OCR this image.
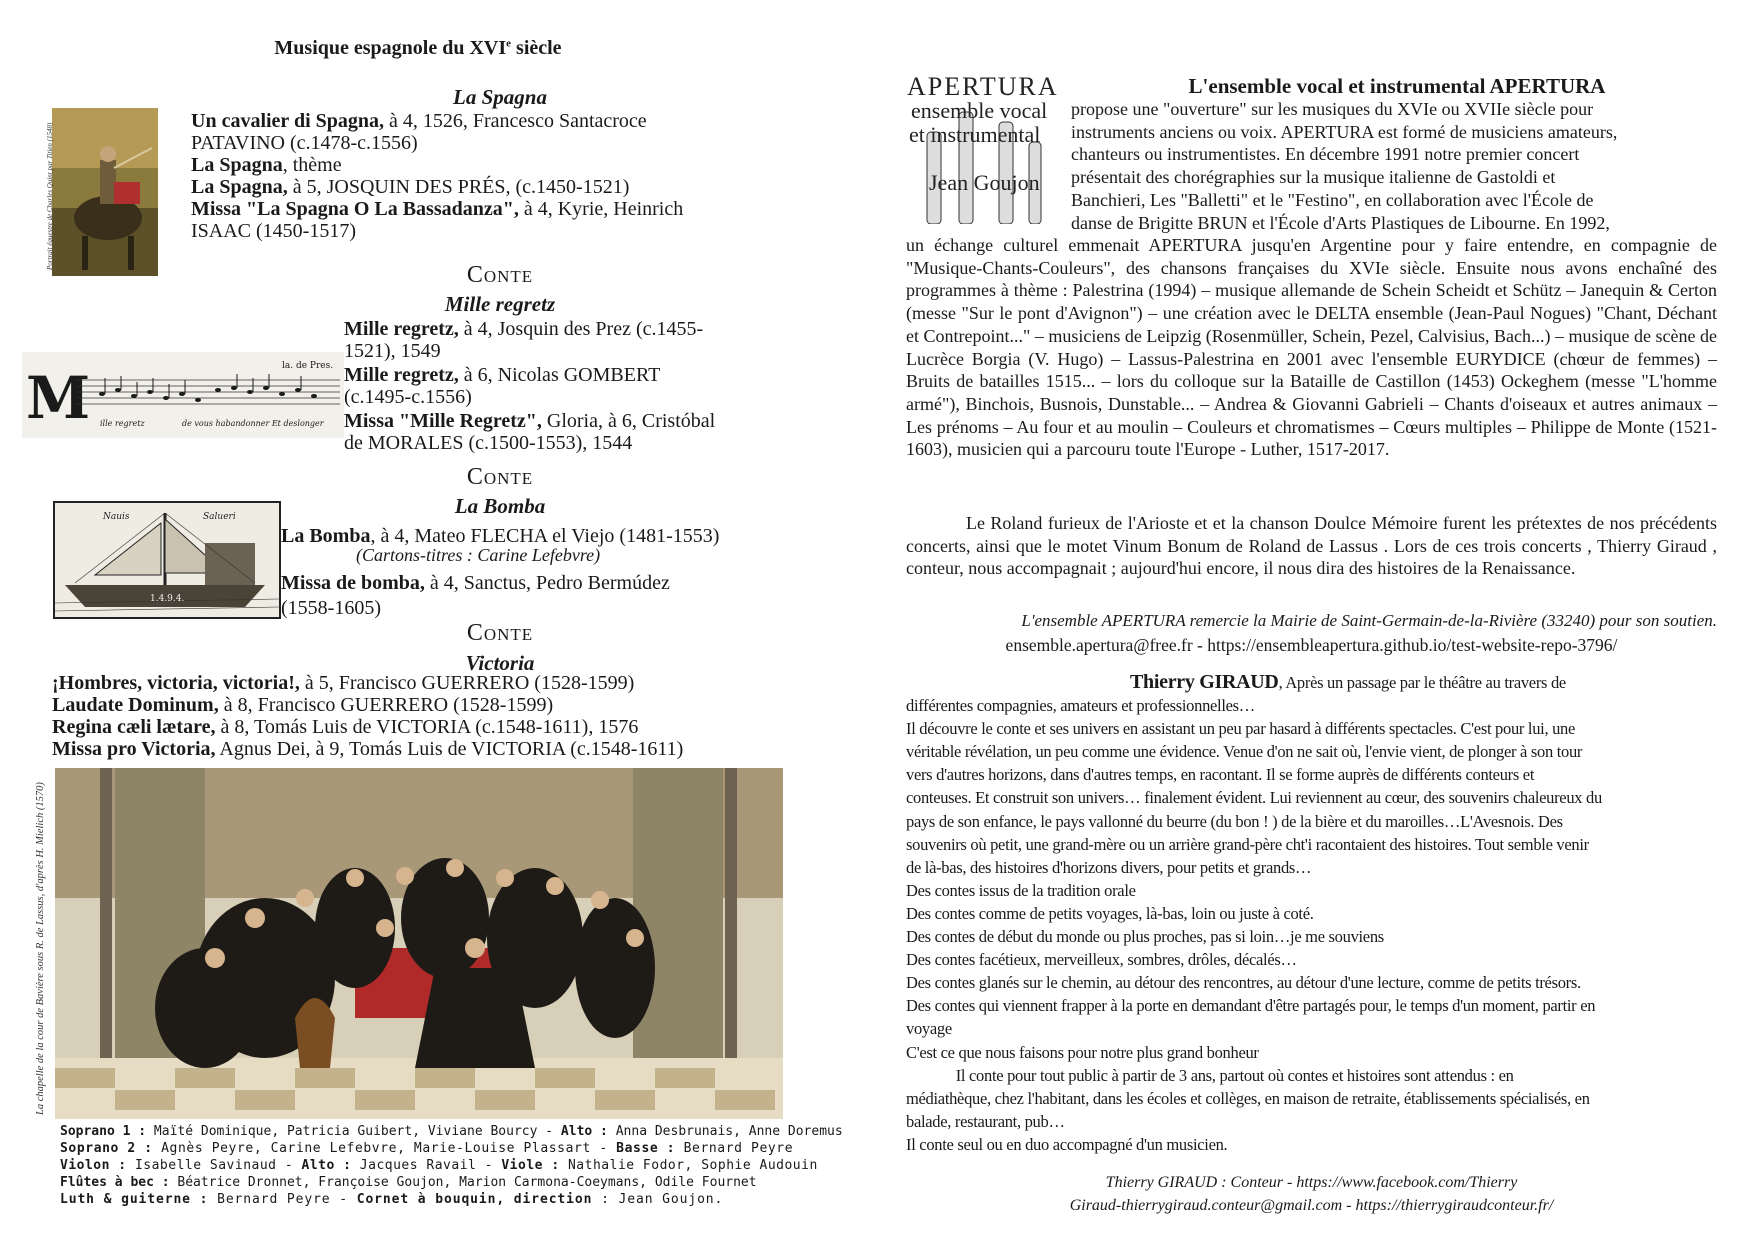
Musique espagnole du XVIe siècle
La Spagna
Portrait équestre de Charles Quint par Titien (1548)
Un cavalier di Spagna, à 4, 1526, Francesco Santacroce
PATAVINO (c.1478-c.1556)
La Spagna, thème
La Spagna, à 5, JOSQUIN DES PRÉS, (c.1450-1521)
Missa "La Spagna O La Bassadanza", à 4, Kyrie, Heinrich
ISAAC (1450-1517)
Conte
Mille regretz
M	la. de Pres.
ille regretz	de vous habandonner Et deslonger
Mille regretz, à 4, Josquin des Prez (c.1455-
1521), 1549
Mille regretz, à 6, Nicolas GOMBERT
(c.1495-c.1556)
Missa "Mille Regretz", Gloria, à 6, Cristóbal
de MORALES (c.1500-1553), 1544
Conte
La Bomba
Nauis	Salueri
1.4.9.4.
La Bomba, à 4, Mateo FLECHA el Viejo (1481-1553)
(Cartons-titres : Carine Lefebvre)
Missa de bomba, à 4, Sanctus, Pedro Bermúdez
(1558-1605)
Conte
Victoria
¡Hombres, victoria, victoria!, à 5, Francisco GUERRERO (1528-1599)
Laudate Dominum, à 8, Francisco GUERRERO (1528-1599)
Regina cæli lætare, à 8, Tomás Luis de VICTORIA (c.1548-1611), 1576
Missa pro Victoria, Agnus Dei, à 9, Tomás Luis de VICTORIA (c.1548-1611)
La chapelle de la cour de Bavière sous R. de Lassus, d'après H. Mielich (1570)
Soprano 1 : Maïté Dominique, Patricia Guibert, Viviane Bourcy - Alto : Anna Desbrunais, Anne Doremus
Soprano 2 : Agnès Peyre, Carine Lefebvre, Marie-Louise Plassart - Basse : Bernard Peyre
Violon : Isabelle Savinaud - Alto : Jacques Ravail - Viole : Nathalie Fodor, Sophie Audouin
Flûtes à bec : Béatrice Dronnet, Françoise Goujon, Marion Carmona-Coeymans, Odile Fournet
Luth & guiterne : Bernard Peyre - Cornet à bouquin, direction : Jean Goujon.
APERTURA
ensemble vocal
et instrumental
Jean Goujon
L'ensemble vocal et instrumental APERTURA
propose une "ouverture" sur les musiques du XVIe ou XVIIe siècle pour
instruments anciens ou voix. APERTURA est formé de musiciens amateurs,
chanteurs ou instrumentistes. En décembre 1991 notre premier concert
présentait des chorégraphies sur la musique italienne de Gastoldi et
Banchieri, Les "Balletti" et le "Festino", en collaboration avec l'École de
danse de Brigitte BRUN et l'École d'Arts Plastiques de Libourne. En 1992,
un échange culturel emmenait APERTURA jusqu'en Argentine pour y faire entendre, en compagnie de "Musique-Chants-Couleurs", des chansons françaises du XVIe siècle. Ensuite nous avons enchaîné des programmes à thème : Palestrina (1994) – musique allemande de Schein Scheidt et Schütz – Janequin & Certon (messe "Sur le pont d'Avignon") – une création avec le DELTA ensemble (Jean-Paul Nogues) "Chant, Déchant et Contrepoint..." – musiciens de Leipzig (Rosenmüller, Schein, Pezel, Calvisius, Bach...) – musique de scène de Lucrèce Borgia (V. Hugo) – Lassus-Palestrina en 2001 avec l'ensemble EURYDICE (chœur de femmes) – Bruits de batailles 1515... – lors du colloque sur la Bataille de Castillon (1453) Ockeghem (messe "L'homme armé"), Binchois, Busnois, Dunstable... – Andrea & Giovanni Gabrieli – Chants d'oiseaux et autres animaux – Les prénoms – Au four et au moulin – Couleurs et chromatismes – Cœurs multiples – Philippe de Monte (1521-1603), musicien qui a parcouru toute l'Europe - Luther, 1517-2017.
Le Roland furieux de l'Arioste et et la chanson Doulce Mémoire furent les prétextes de nos précédents concerts, ainsi que le motet Vinum Bonum de Roland de Lassus . Lors de ces trois concerts , Thierry Giraud , conteur, nous accompagnait ; aujourd'hui encore, il nous dira des histoires de la Renaissance.
L'ensemble APERTURA remercie la Mairie de Saint-Germain-de-la-Rivière (33240) pour son soutien.
ensemble.apertura@free.fr - https://ensembleapertura.github.io/test-website-repo-3796/
Thierry GIRAUD, Après un passage par le théâtre au travers de
différentes compagnies, amateurs et professionnelles…
Il découvre le conte et ses univers en assistant un peu par hasard à différents spectacles. C'est pour lui, une
véritable révélation, un peu comme une évidence. Venue d'on ne sait où, l'envie vient, de plonger à son tour
vers d'autres horizons, dans d'autres temps, en racontant. Il se forme auprès de différents conteurs et
conteuses. Et construit son univers… finalement évident. Lui reviennent au cœur, des souvenirs chaleureux du
pays de son enfance, le pays vallonné du beurre (du bon ! ) de la bière et du maroilles…L'Avesnois. Des
souvenirs où petit, une grand-mère ou un arrière grand-père cht'i racontaient des histoires. Tout semble venir
de là-bas, des histoires d'horizons divers, pour petits et grands…
Des contes issus de la tradition orale
Des contes comme de petits voyages, là-bas, loin ou juste à coté.
Des contes de début du monde ou plus proches, pas si loin…je me souviens
Des contes facétieux, merveilleux, sombres, drôles, décalés…
Des contes glanés sur le chemin, au détour des rencontres, au détour d'une lecture, comme de petits trésors.
Des contes qui viennent frapper à la porte en demandant d'être partagés pour, le temps d'un moment, partir en
voyage
C'est ce que nous faisons pour notre plus grand bonheur
Il conte pour tout public à partir de 3 ans, partout où contes et histoires sont attendus : en
médiathèque, chez l'habitant, dans les écoles et collèges, en maison de retraite, établissements spécialisés, en
balade, restaurant, pub…
Il conte seul ou en duo accompagné d'un musicien.
Thierry GIRAUD : Conteur - https://www.facebook.com/Thierry
Giraud-thierrygiraud.conteur@gmail.com - https://thierrygiraudconteur.fr/
